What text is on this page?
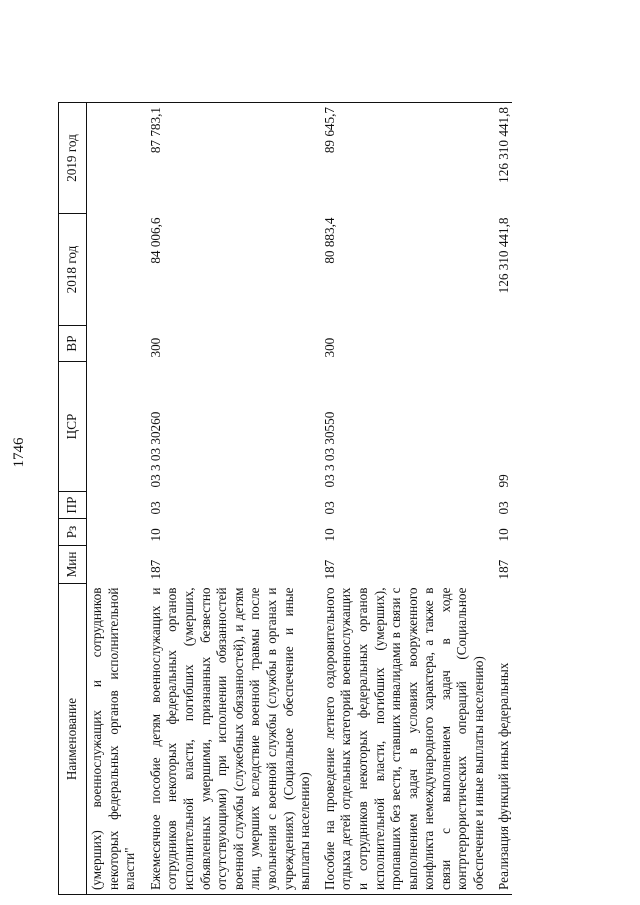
1746
Наименование	Мин	Рз	ПР	ЦСР	ВР	2018 год	2019 год
(умерших) военнослужащих и сотрудников некоторых федеральных органов исполнительной власти"							
Ежемесячное пособие детям военнослужащих и сотрудников некоторых федеральных органов исполнительной власти, погибших (умерших, объявленных умершими, признанных безвестно отсутствующими) при исполнении обязанностей военной службы (служебных обязанностей), и детям лиц, умерших вследствие военной травмы после увольнения с военной службы (службы в органах и учреждениях) (Социальное обеспечение и иные выплаты населению)	187	10	03	03 3 03 30260	300	84 006,6	87 783,1
Пособие на проведение летнего оздоровительного отдыха детей отдельных категорий военнослужащих и сотрудников некоторых федеральных органов исполнительной власти, погибших (умерших), пропавших без вести, ставших инвалидами в связи с выполнением задач в условиях вооруженного конфликта немеждународного характера, а также в связи с выполнением задач в ходе контртеррористических операций (Социальное обеспечение и иные выплаты населению)	187	10	03	03 3 03 30550	300	80 883,4	89 645,7
Реализация функций иных федеральных	187	10	03	99		126 310 441,8	126 310 441,8
